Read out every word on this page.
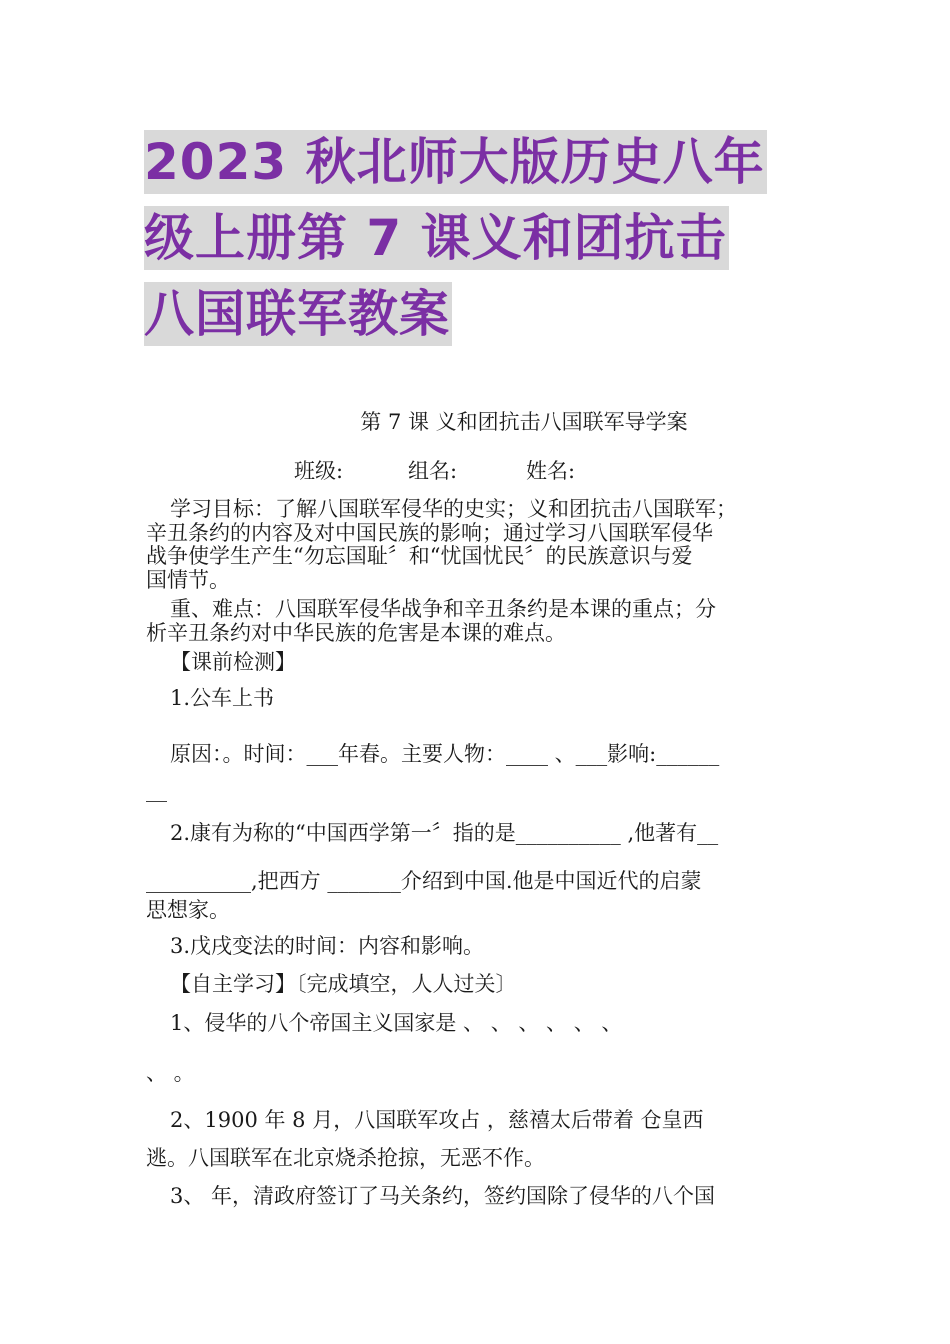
2023 秋北师大版历史八年
级上册第 7 课义和团抗击
八国联军教案
第 7 课 义和团抗击八国联军导学案
班级:	组名:	姓名:
学习目标：了解八国联军侵华的史实；义和团抗击八国联军；
辛丑条约的内容及对中国民族的影响；通过学习八国联军侵华
战争使学生产生“勿忘国耻〞和“忧国忧民〞的民族意识与爱
国情节。
重、难点：八国联军侵华战争和辛丑条约是本课的重点；分
析辛丑条约对中华民族的危害是本课的难点。
【课前检测】
1.公车上书
原因：。时间：___年春。主要人物：____ 、___影响:______
__
2.康有为称的“中国西学第一〞指的是__________ ,他著有__
__________,把西方 _______介绍到中国.他是中国近代的启蒙
思想家。
3.戊戌变法的时间：内容和影响。
【自主学习】〔完成填空，人人过关〕
1、侵华的八个帝国主义国家是 、 、 、 、 、 、
、 。
2、1900 年 8 月，八国联军攻占 ，慈禧太后带着 仓皇西
逃。八国联军在北京烧杀抢掠，无恶不作。
3、 年，清政府签订了马关条约，签约国除了侵华的八个国
